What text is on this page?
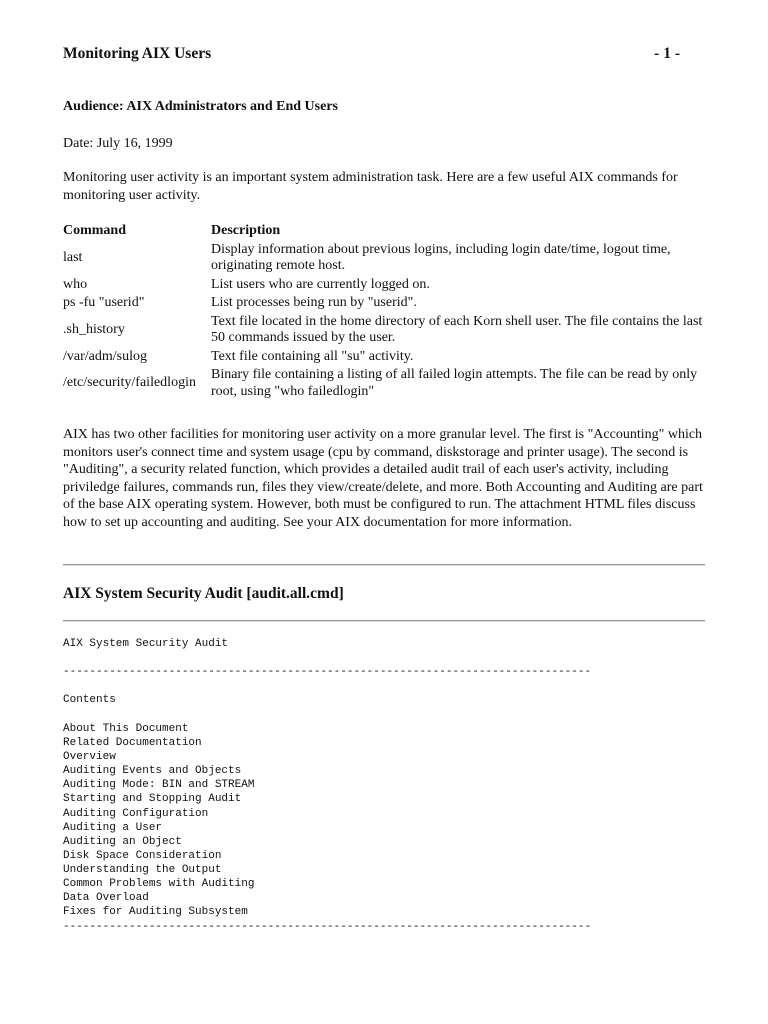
Monitoring AIX Users	- 1 -
Audience: AIX Administrators and End Users
Date: July 16, 1999

Monitoring user activity is an important system administration task. Here are a few useful AIX commands for monitoring user activity.

Command	Description
last	Display information about previous logins, including login date/time, logout time, originating remote host.
who	List users who are currently logged on.
ps -fu "userid"	List processes being run by "userid".
.sh_history	Text file located in the home directory of each Korn shell user. The file contains the last 50 commands issued by the user.
/var/adm/sulog	Text file containing all "su" activity.
/etc/security/failedlogin	Binary file containing a listing of all failed login attempts. The file can be read by only root, using "who failedlogin"

AIX has two other facilities for monitoring user activity on a more granular level. The first is "Accounting" which monitors user's connect time and system usage (cpu by command, diskstorage and printer usage). The second is "Auditing", a security related function, which provides a detailed audit trail of each user's activity, including priviledge failures, commands run, files they view/create/delete, and more. Both Accounting and Auditing are part of the base AIX operating system. However, both must be configured to run. The attachment HTML files discuss how to set up accounting and auditing. See your AIX documentation for more information.

AIX System Security Audit [audit.all.cmd]
AIX System Security Audit
--------------------------------------------------------------------------------
Contents
About This Document
Related Documentation
Overview
Auditing Events and Objects
Auditing Mode: BIN and STREAM
Starting and Stopping Audit
Auditing Configuration
Auditing a User
Auditing an Object
Disk Space Consideration
Understanding the Output
Common Problems with Auditing
Data Overload
Fixes for Auditing Subsystem
--------------------------------------------------------------------------------
